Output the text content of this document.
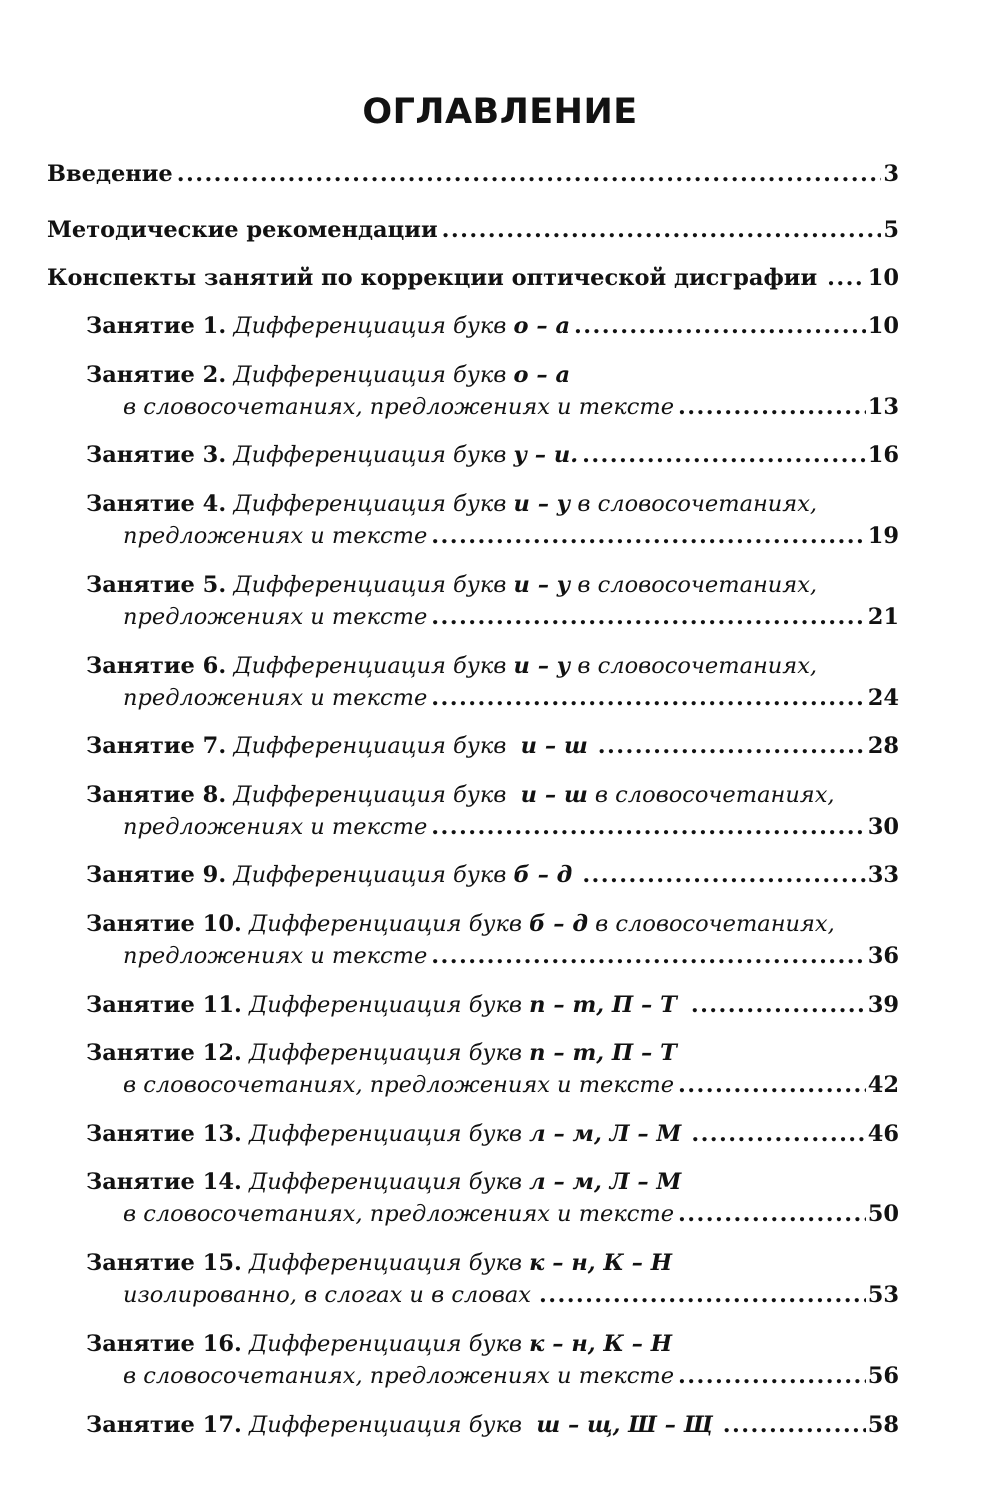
ОГЛАВЛЕНИЕ
Введение .....	3
Методические рекомендации .....	5
Конспекты занятий по коррекции оптической дисграфии ..... 10
Занятие 1. Дифференциация букв о – а .....	10
Занятие 2. Дифференциация букв о – а
в словосочетаниях, предложениях и тексте .....	13
Занятие 3. Дифференциация букв у – и. .....	16
Занятие 4. Дифференциация букв и – у в словосочетаниях,
предложениях и тексте .....	19
Занятие 5. Дифференциация букв и – у в словосочетаниях,
предложениях и тексте .....	21
Занятие 6. Дифференциация букв и – у в словосочетаниях,
предложениях и тексте .....	24
Занятие 7. Дифференциация букв и – ш .....	28
Занятие 8. Дифференциация букв и – ш в словосочетаниях,
предложениях и тексте .....	30
Занятие 9. Дифференциация букв б – д .....	33
Занятие 10. Дифференциация букв б – д в словосочетаниях,
предложениях и тексте .....	36
Занятие 11. Дифференциация букв п – т, П – Т .....	39
Занятие 12. Дифференциация букв п – т, П – Т
в словосочетаниях, предложениях и тексте .....	42
Занятие 13. Дифференциация букв л – м, Л – М .....	46
Занятие 14. Дифференциация букв л – м, Л – М
в словосочетаниях, предложениях и тексте .....	50
Занятие 15. Дифференциация букв к – н, К – Н
изолированно, в слогах и в словах .....	53
Занятие 16. Дифференциация букв к – н, К – Н
в словосочетаниях, предложениях и тексте .....	56
Занятие 17. Дифференциация букв ш – щ, Ш – Щ .....	58
